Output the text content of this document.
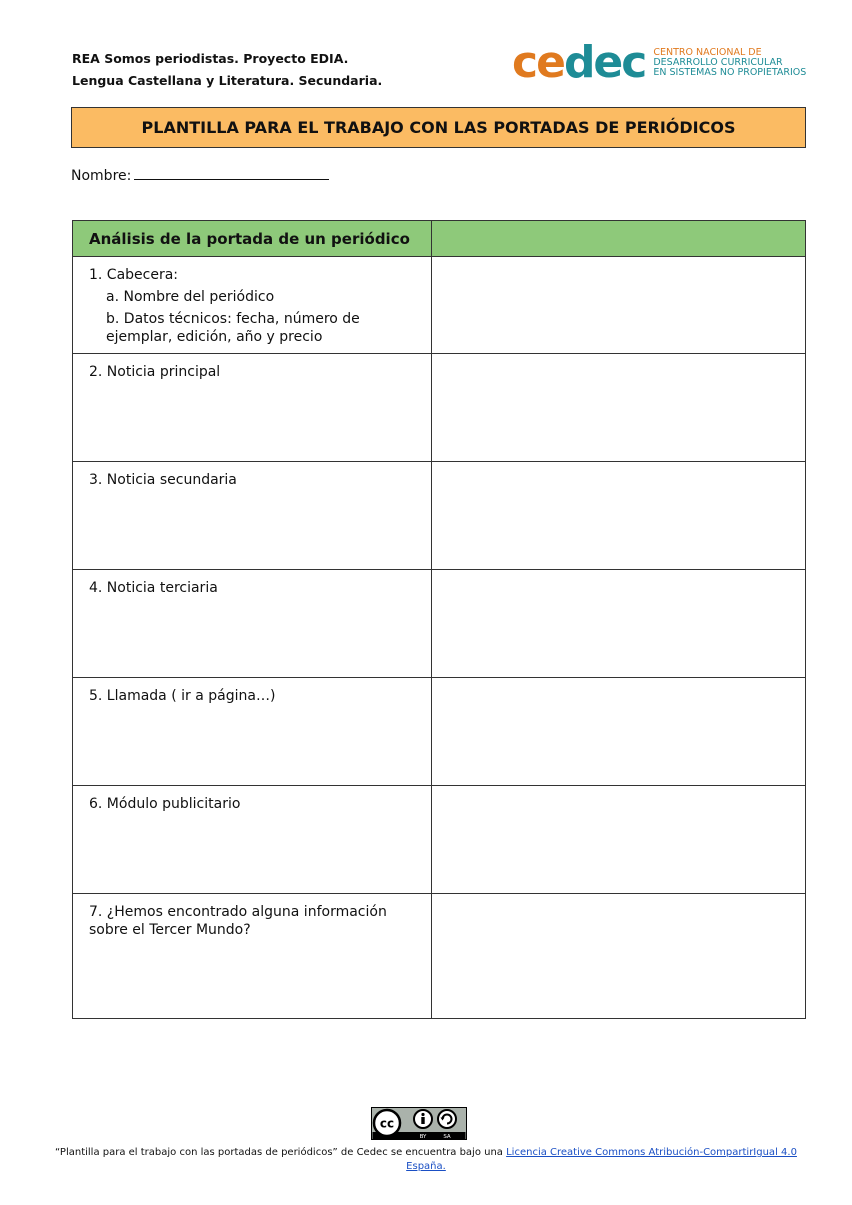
REA Somos periodistas. Proyecto EDIA.
Lengua Castellana y Literatura. Secundaria.	cedec CENTRO NACIONAL DE
DESARROLLO CURRICULAR
EN SISTEMAS NO PROPIETARIOS
PLANTILLA PARA EL TRABAJO CON LAS PORTADAS DE PERIÓDICOS
Nombre:
Análisis de la portada de un periódico	

1. Cabecera:
a. Nombre del periódico
b. Datos técnicos: fecha, número de ejemplar, edición, año y precio	

2. Noticia principal	

3. Noticia secundaria	

4. Noticia terciaria	

5. Llamada ( ir a página…)	

6. Módulo publicitario	

7. ¿Hemos encontrado alguna información sobre el Tercer Mundo?	

cc
BY	SA
“Plantilla para el trabajo con las portadas de periódicos” de Cedec se encuentra bajo una Licencia Creative Commons Atribución-CompartirIgual 4.0 España.
